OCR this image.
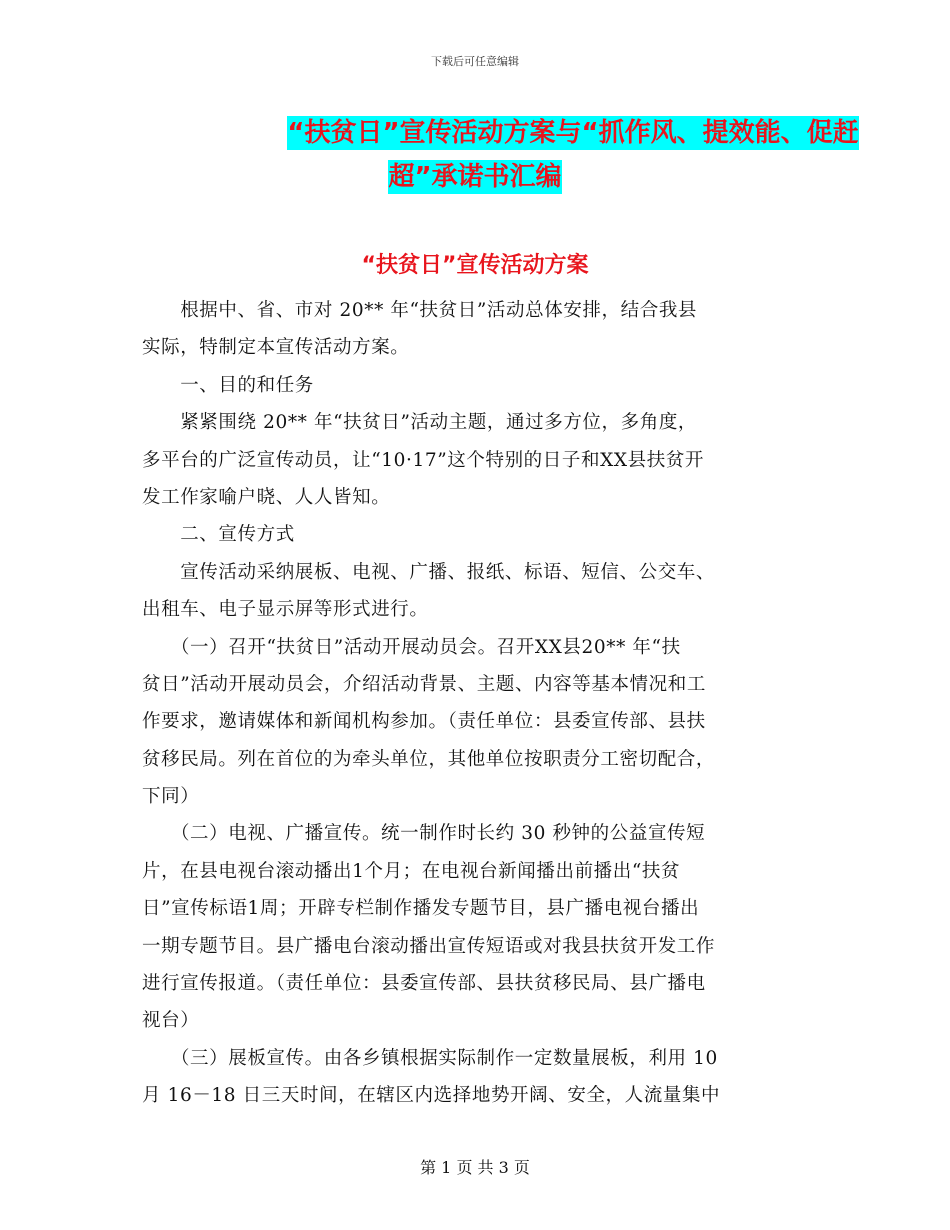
下载后可任意编辑
“扶贫日”宣传活动方案与“抓作风、提效能、促赶
超”承诺书汇编
“扶贫日”宣传活动方案
　　根据中、省、市对 20** 年“扶贫日”活动总体安排，结合我县
实际，特制定本宣传活动方案。
　　一、目的和任务
　　紧紧围绕 20** 年“扶贫日”活动主题，通过多方位，多角度，
多平台的广泛宣传动员，让“10·17”这个特别的日子和XX县扶贫开
发工作家喻户晓、人人皆知。
　　二、宣传方式
　　宣传活动采纳展板、电视、广播、报纸、标语、短信、公交车、
出租车、电子显示屏等形式进行。
　　（一）召开“扶贫日”活动开展动员会。召开XX县20** 年“扶
贫日”活动开展动员会，介绍活动背景、主题、内容等基本情况和工
作要求，邀请媒体和新闻机构参加。（责任单位：县委宣传部、县扶
贫移民局。列在首位的为牵头单位，其他单位按职责分工密切配合，
下同）
　　（二）电视、广播宣传。统一制作时长约 30 秒钟的公益宣传短
片，在县电视台滚动播出1个月；在电视台新闻播出前播出“扶贫
日”宣传标语1周；开辟专栏制作播发专题节目，县广播电视台播出
一期专题节目。县广播电台滚动播出宣传短语或对我县扶贫开发工作
进行宣传报道。（责任单位：县委宣传部、县扶贫移民局、县广播电
视台）
　　（三）展板宣传。由各乡镇根据实际制作一定数量展板，利用 10
月 16－18 日三天时间，在辖区内选择地势开阔、安全，人流量集中
第 1 页 共 3 页
